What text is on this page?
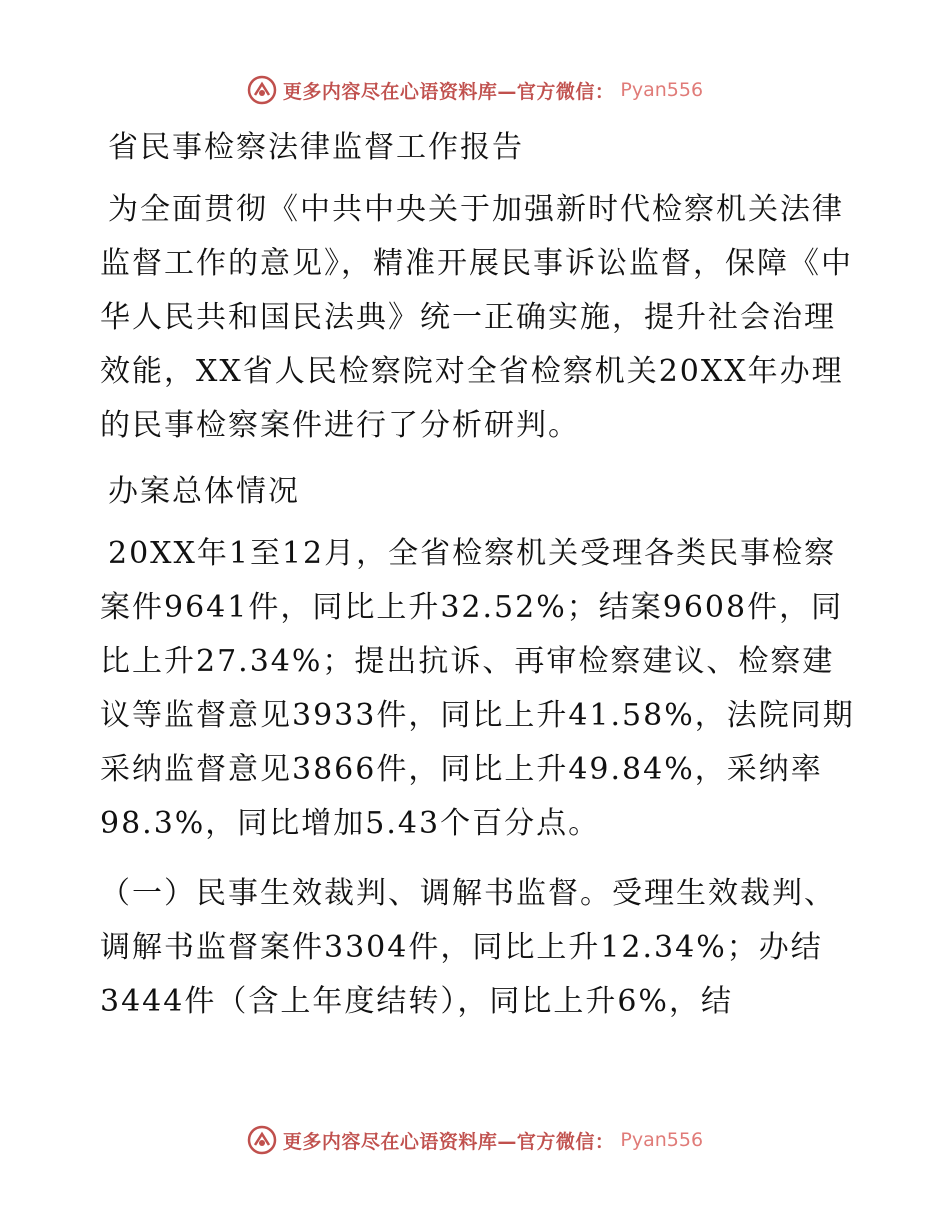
更多内容尽在心语资料库—官方微信： Pyan556
省民事检察法律监督工作报告

为全面贯彻《中共中央关于加强新时代检察机关法律监督工作的意见》，精准开展民事诉讼监督，保障《中华人民共和国民法典》统一正确实施，提升社会治理效能，XX省人民检察院对全省检察机关20XX年办理的民事检察案件进行了分析研判。

办案总体情况

20XX年1至12月，全省检察机关受理各类民事检察案件9641件，同比上升32.52%；结案9608件，同比上升27.34%；提出抗诉、再审检察建议、检察建议等监督意见3933件，同比上升41.58%，法院同期采纳监督意见3866件，同比上升49.84%，采纳率98.3%，同比增加5.43个百分点。

（一）民事生效裁判、调解书监督。受理生效裁判、调解书监督案件3304件，同比上升12.34%；办结3444件（含上年度结转），同比上升6%，结

更多内容尽在心语资料库—官方微信： Pyan556
